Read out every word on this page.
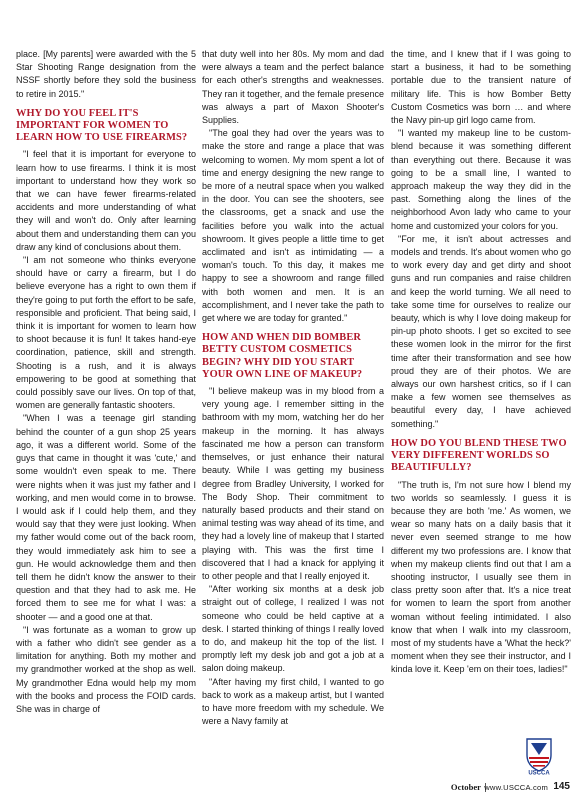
place. [My parents] were awarded with the 5 Star Shooting Range designation from the NSSF shortly before they sold the business to retire in 2015."

WHY DO YOU FEEL IT'S IMPORTANT FOR WOMEN TO LEARN HOW TO USE FIREARMS?

"I feel that it is important for everyone to learn how to use firearms. I think it is most important to understand how they work so that we can have fewer firearms-related accidents and more understanding of what they will and won't do. Only after learning about them and understanding them can you draw any kind of conclusions about them.

"I am not someone who thinks everyone should have or carry a firearm, but I do believe everyone has a right to own them if they're going to put forth the effort to be safe, responsible and proficient. That being said, I think it is important for women to learn how to shoot because it is fun! It takes hand-eye coordination, patience, skill and strength. Shooting is a rush, and it is always empowering to be good at something that could possibly save our lives. On top of that, women are generally fantastic shooters.

"When I was a teenage girl standing behind the counter of a gun shop 25 years ago, it was a different world. Some of the guys that came in thought it was 'cute,' and some wouldn't even speak to me. There were nights when it was just my father and I working, and men would come in to browse. I would ask if I could help them, and they would say that they were just looking. When my father would come out of the back room, they would immediately ask him to see a gun. He would acknowledge them and then tell them he didn't know the answer to their question and that they had to ask me. He forced them to see me for what I was: a shooter — and a good one at that.

"I was fortunate as a woman to grow up with a father who didn't see gender as a limitation for anything. Both my mother and my grandmother worked at the shop as well. My grandmother Edna would help my mom with the books and process the FOID cards. She was in charge of

that duty well into her 80s. My mom and dad were always a team and the perfect balance for each other's strengths and weaknesses. They ran it together, and the female presence was always a part of Maxon Shooter's Supplies.

"The goal they had over the years was to make the store and range a place that was welcoming to women. My mom spent a lot of time and energy designing the new range to be more of a neutral space when you walked in the door. You can see the shooters, see the classrooms, get a snack and use the facilities before you walk into the actual showroom. It gives people a little time to get acclimated and isn't as intimidating — a woman's touch. To this day, it makes me happy to see a showroom and range filled with both women and men. It is an accomplishment, and I never take the path to get where we are today for granted."

HOW AND WHEN DID BOMBER BETTY CUSTOM COSMETICS BEGIN? WHY DID YOU START YOUR OWN LINE OF MAKEUP?

"I believe makeup was in my blood from a very young age. I remember sitting in the bathroom with my mom, watching her do her makeup in the morning. It has always fascinated me how a person can transform themselves, or just enhance their natural beauty. While I was getting my business degree from Bradley University, I worked for The Body Shop. Their commitment to naturally based products and their stand on animal testing was way ahead of its time, and they had a lovely line of makeup that I started playing with. This was the first time I discovered that I had a knack for applying it to other people and that I really enjoyed it.

"After working six months at a desk job straight out of college, I realized I was not someone who could be held captive at a desk. I started thinking of things I really loved to do, and makeup hit the top of the list. I promptly left my desk job and got a job at a salon doing makeup.

"After having my first child, I wanted to go back to work as a makeup artist, but I wanted to have more freedom with my schedule. We were a Navy family at

the time, and I knew that if I was going to start a business, it had to be something portable due to the transient nature of military life. This is how Bomber Betty Custom Cosmetics was born … and where the Navy pin-up girl logo came from.

"I wanted my makeup line to be custom-blend because it was something different than everything out there. Because it was going to be a small line, I wanted to approach makeup the way they did in the past. Something along the lines of the neighborhood Avon lady who came to your home and customized your colors for you.

"For me, it isn't about actresses and models and trends. It's about women who go to work every day and get dirty and shoot guns and run companies and raise children and keep the world turning. We all need to take some time for ourselves to realize our beauty, which is why I love doing makeup for pin-up photo shoots. I get so excited to see these women look in the mirror for the first time after their transformation and see how proud they are of their photos. We are always our own harshest critics, so if I can make a few women see themselves as beautiful every day, I have achieved something."

HOW DO YOU BLEND THESE TWO VERY DIFFERENT WORLDS SO BEAUTIFULLY?

"The truth is, I'm not sure how I blend my two worlds so seamlessly. I guess it is because they are both 'me.' As women, we wear so many hats on a daily basis that it never even seemed strange to me how different my two professions are. I know that when my makeup clients find out that I am a shooting instructor, I usually see them in class pretty soon after that. It's a nice treat for women to learn the sport from another woman without feeling intimidated. I also know that when I walk into my classroom, most of my students have a 'What the heck?' moment when they see their instructor, and I kinda love it. Keep 'em on their toes, ladies!"

USCCA
October www.USCCA.com 145
